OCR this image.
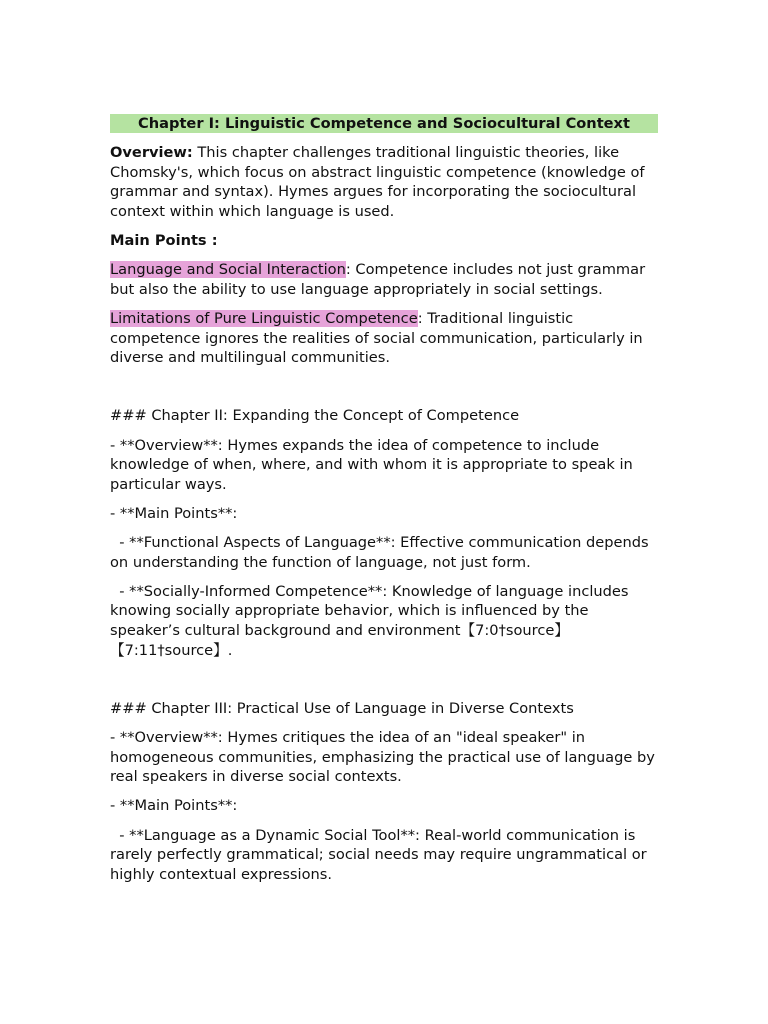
Chapter I: Linguistic Competence and Sociocultural Context

Overview: This chapter challenges traditional linguistic theories, like Chomsky's, which focus on abstract linguistic competence (knowledge of grammar and syntax). Hymes argues for incorporating the sociocultural context within which language is used.

Main Points :

Language and Social Interaction: Competence includes not just grammar but also the ability to use language appropriately in social settings.

Limitations of Pure Linguistic Competence: Traditional linguistic competence ignores the realities of social communication, particularly in diverse and multilingual communities.

### Chapter II: Expanding the Concept of Competence

- **Overview**: Hymes expands the idea of competence to include knowledge of when, where, and with whom it is appropriate to speak in particular ways.

- **Main Points**:

- **Functional Aspects of Language**: Effective communication depends on understanding the function of language, not just form.

- **Socially-Informed Competence**: Knowledge of language includes knowing socially appropriate behavior, which is influenced by the speaker’s cultural background and environment【7:0†source】【7:11†source】.

### Chapter III: Practical Use of Language in Diverse Contexts

- **Overview**: Hymes critiques the idea of an "ideal speaker" in homogeneous communities, emphasizing the practical use of language by real speakers in diverse social contexts.

- **Main Points**:

- **Language as a Dynamic Social Tool**: Real-world communication is rarely perfectly grammatical; social needs may require ungrammatical or highly contextual expressions.
